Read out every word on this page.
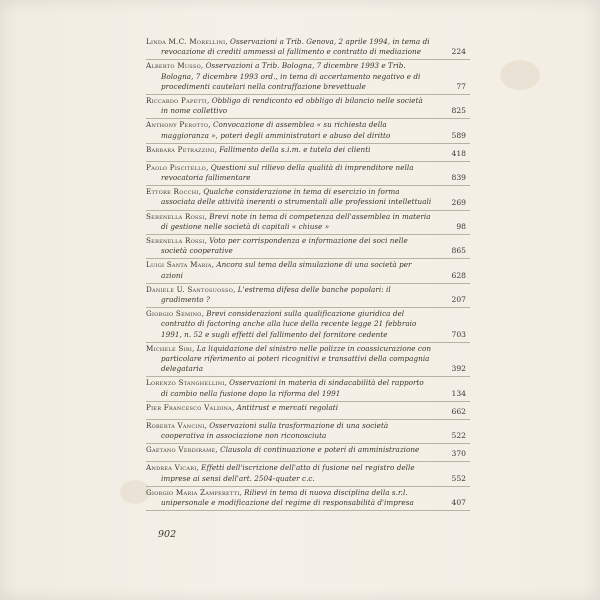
Linda M.C. Morellini, Osservazioni a Trib. Genova, 2 aprile 1994, in tema di revocazione di crediti ammessi al fallimento e contratto di mediazione	224
Alberto Musso, Osservazioni a Trib. Bologna, 7 dicembre 1993 e Trib. Bologna, 7 dicembre 1993 ord., in tema di accertamento negativo e di procedimenti cautelari nella contraffazione brevettuale	77
Riccardo Papetti, Obbligo di rendiconto ed obbligo di bilancio nelle società in nome collettivo	825
Anthony Perotto, Convocazione di assemblea « su richiesta della maggioranza », poteri degli amministratori e abuso del diritto	589
Barbara Petrazzini, Fallimento della s.i.m. e tutela dei clienti	418
Paolo Piscitello, Questioni sul rilievo della qualità di imprenditore nella revocatoria fallimentare	839
Ettore Rocchi, Qualche considerazione in tema di esercizio in forma associata delle attività inerenti o strumentali alle professioni intellettuali	269
Serenella Rossi, Brevi note in tema di competenza dell'assemblea in materia di gestione nelle società di capitali « chiuse »	98
Serenella Rossi, Voto per corrispondenza e informazione dei soci nelle società cooperative	865
Luigi Santa Maria, Ancora sul tema della simulazione di una società per azioni	628
Daniele U. Santosuosso, L'estrema difesa delle banche popolari: il gradimento ?	207
Giorgio Semino, Brevi considerazioni sulla qualificazione giuridica del contratto di factoring anche alla luce della recente legge 21 febbraio 1991, n. 52 e sugli effetti del fallimento del fornitore cedente	703
Michele Siri, La liquidazione del sinistro nelle polizze in coassicurazione con particolare riferimento ai poteri ricognitivi e transattivi della compagnia delegataria	392
Lorenzo Stanghellini, Osservazioni in materia di sindacabilità del rapporto di cambio nella fusione dopo la riforma del 1991	134
Pier Francesco Valdina, Antitrust e mercati regolati	662
Roberta Vancini, Osservazioni sulla trasformazione di una società cooperativa in associazione non riconosciuta	522
Gaetano Verdirame, Clausola di continuazione e poteri di amministrazione	370
Andrea Vicari, Effetti dell'iscrizione dell'atto di fusione nel registro delle imprese ai sensi dell'art. 2504-quater c.c.	552
Giorgio Maria Zamperetti, Rilievi in tema di nuova disciplina della s.r.l. unipersonale e modificazione del regime di responsabilità d'impresa	407
902
